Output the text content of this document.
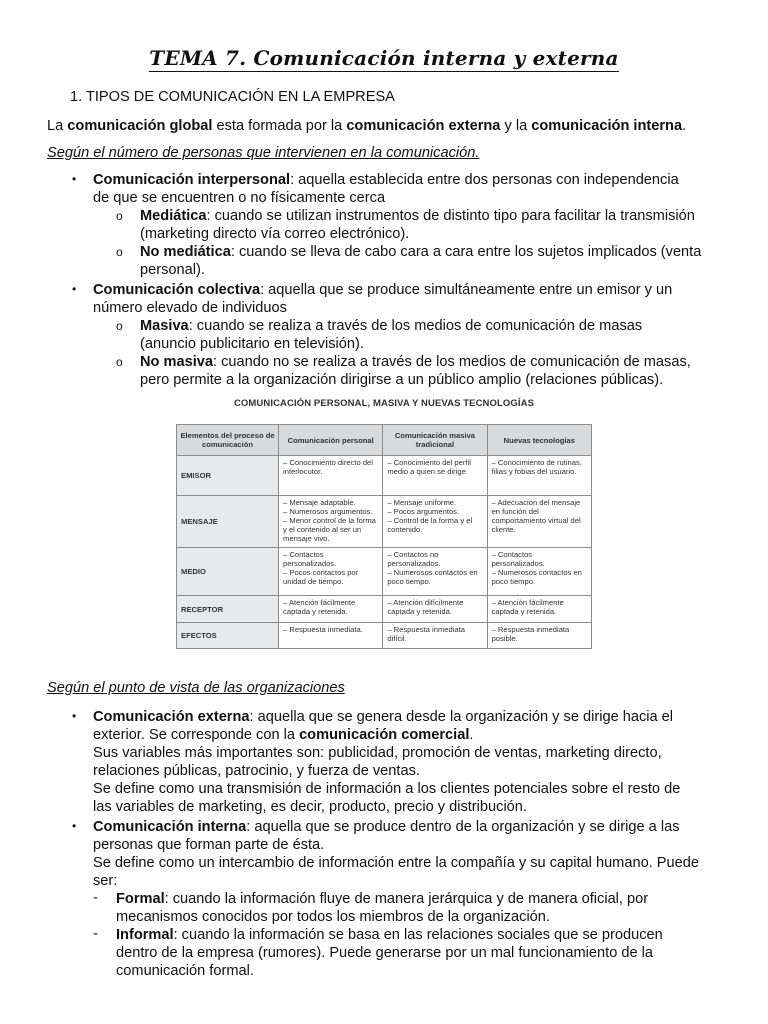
TEMA 7. Comunicación interna y externa
1. TIPOS DE COMUNICACIÓN EN LA EMPRESA
La comunicación global esta formada por la comunicación externa y la comunicación interna.
Según el número de personas que intervienen en la comunicación.
• Comunicación interpersonal: aquella establecida entre dos personas con independencia
de que se encuentren o no físicamente cerca
o Mediática: cuando se utilizan instrumentos de distinto tipo para facilitar la transmisión
(marketing directo vía correo electrónico).
o No mediática: cuando se lleva de cabo cara a cara entre los sujetos implicados (venta
personal).
• Comunicación colectiva: aquella que se produce simultáneamente entre un emisor y un
número elevado de individuos
o Masiva: cuando se realiza a través de los medios de comunicación de masas
(anuncio publicitario en televisión).
o No masiva: cuando no se realiza a través de los medios de comunicación de masas,
pero permite a la organización dirigirse a un público amplio (relaciones públicas).
COMUNICACIÓN PERSONAL, MASIVA Y NUEVAS TECNOLOGÍAS
Elementos del proceso de comunicación	Comunicación personal	Comunicación masiva tradicional	Nuevas tecnologías
EMISOR	– Conocimiento directo del interlocutor.	– Conocimiento del perfil medio a quien se dirige.	– Conocimiento de rutinas, filias y fobias del usuario.

MENSAJE	– Mensaje adaptable.
– Numerosos argumentos.
– Menor control de la forma y el contenido al ser un mensaje vivo.	– Mensaje uniforme.
– Pocos argumentos.
– Control de la forma y el contenido.	– Adecuación del mensaje en función del comportamiento virtual del cliente.

MEDIO	– Contactos personalizados.
– Pocos contactos por unidad de tiempo.	– Contactos no personalizados.
– Numerosos contactos en poco tiempo.	– Contactos personalizados.
– Numerosos contactos en poco tiempo.

RECEPTOR	– Atención fácilmente captada y retenida.	– Atención difícilmente captada y retenida.	– Atención fácilmente captada y retenida.

EFECTOS	– Respuesta inmediata.	– Respuesta inmediata difícil.	– Respuesta inmediata posible.
Según el punto de vista de las organizaciones
• Comunicación externa: aquella que se genera desde la organización y se dirige hacia el
exterior. Se corresponde con la comunicación comercial.
Sus variables más importantes son: publicidad, promoción de ventas, marketing directo,
relaciones públicas, patrocinio, y fuerza de ventas.
Se define como una transmisión de información a los clientes potenciales sobre el resto de
las variables de marketing, es decir, producto, precio y distribución.
• Comunicación interna: aquella que se produce dentro de la organización y se dirige a las
personas que forman parte de ésta.
Se define como un intercambio de información entre la compañía y su capital humano. Puede
ser:
- Formal: cuando la información fluye de manera jerárquica y de manera oficial, por
mecanismos conocidos por todos los miembros de la organización.
- Informal: cuando la información se basa en las relaciones sociales que se producen
dentro de la empresa (rumores). Puede generarse por un mal funcionamiento de la
comunicación formal.
